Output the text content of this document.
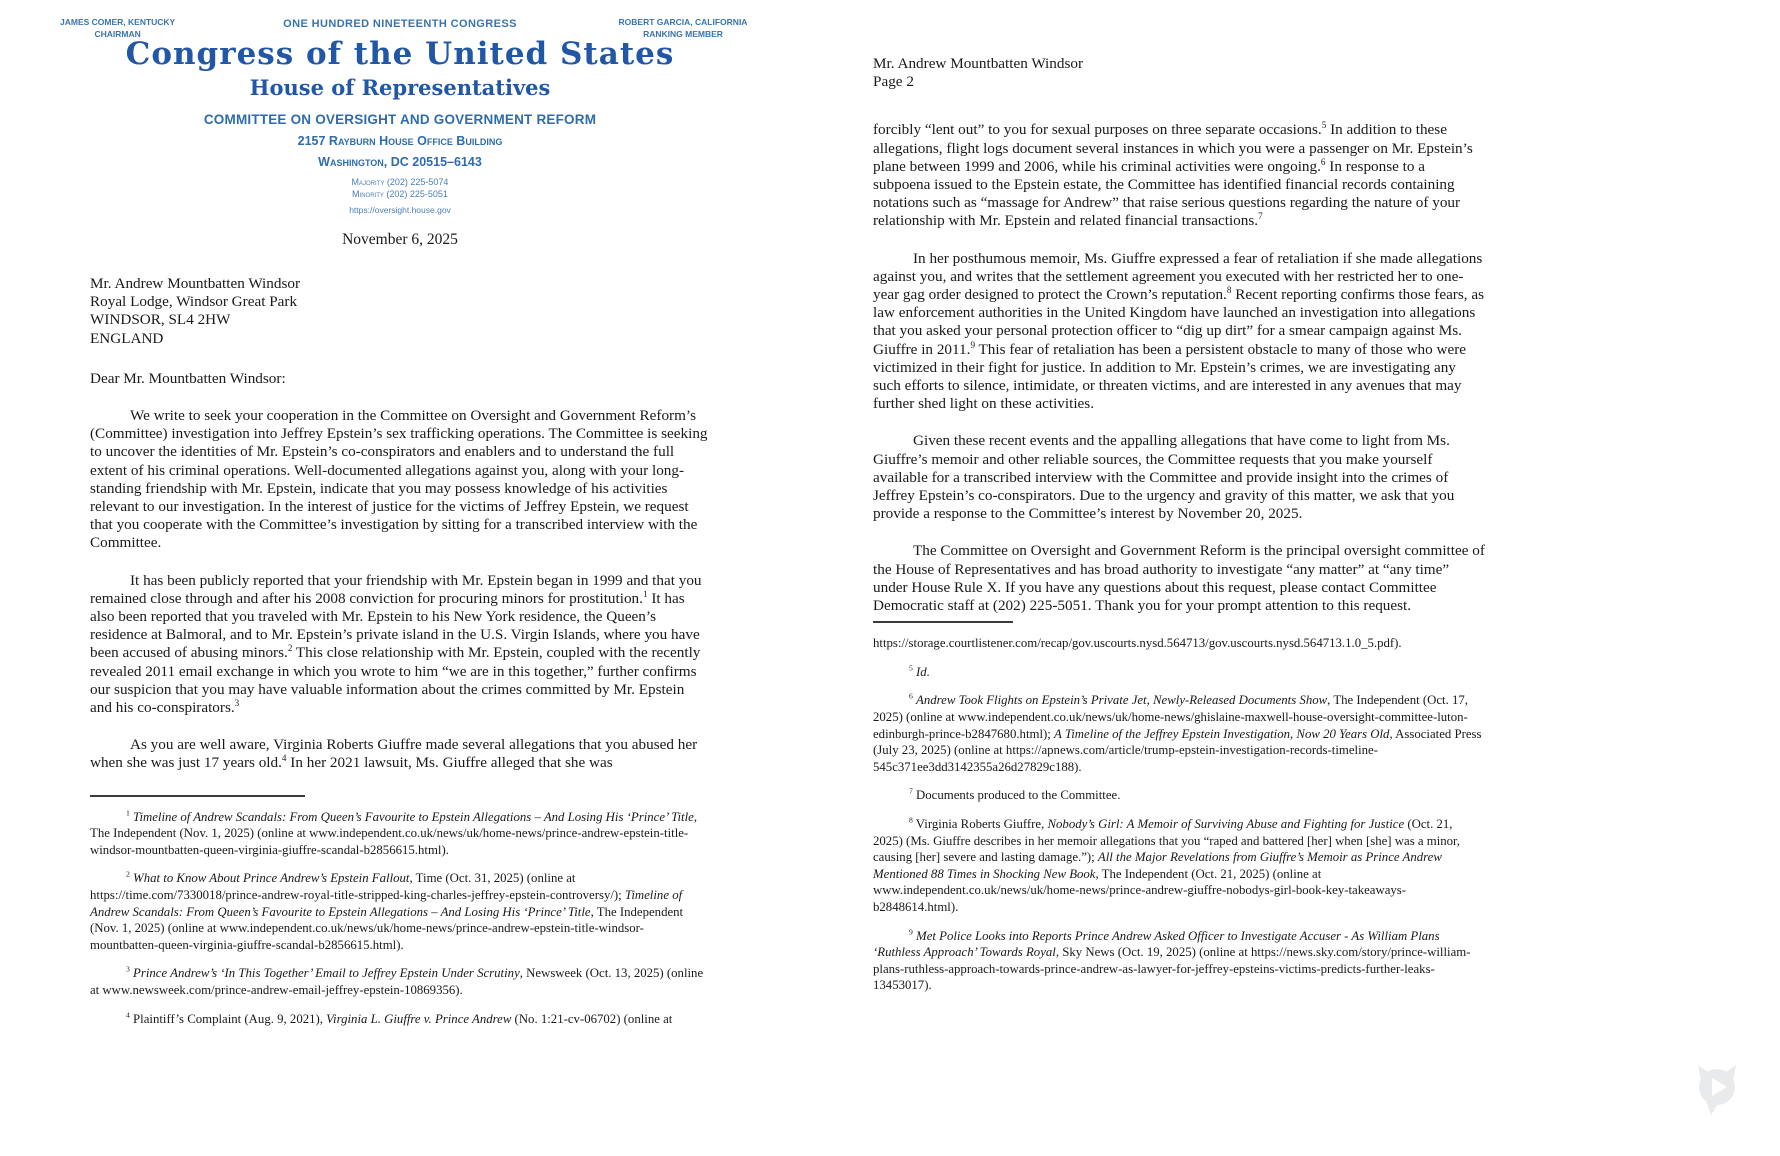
JAMES COMER, KENTUCKY
CHAIRMAN
ROBERT GARCIA, CALIFORNIA
RANKING MEMBER
ONE HUNDRED NINETEENTH CONGRESS
Congress of the United States
House of Representatives
COMMITTEE ON OVERSIGHT AND GOVERNMENT REFORM
2157 Rayburn House Office Building
Washington, DC 20515–6143
Majority (202) 225-5074
Minority (202) 225-5051
https://oversight.house.gov
November 6, 2025
Mr. Andrew Mountbatten Windsor
Royal Lodge, Windsor Great Park
WINDSOR, SL4 2HW
ENGLAND
Dear Mr. Mountbatten Windsor:
We write to seek your cooperation in the Committee on Oversight and Government Reform’s (Committee) investigation into Jeffrey Epstein’s sex trafficking operations. The Committee is seeking to uncover the identities of Mr. Epstein’s co-conspirators and enablers and to understand the full extent of his criminal operations. Well-documented allegations against you, along with your long-standing friendship with Mr. Epstein, indicate that you may possess knowledge of his activities relevant to our investigation. In the interest of justice for the victims of Jeffrey Epstein, we request that you cooperate with the Committee’s investigation by sitting for a transcribed interview with the Committee.
It has been publicly reported that your friendship with Mr. Epstein began in 1999 and that you remained close through and after his 2008 conviction for procuring minors for prostitution.$^1$ It has also been reported that you traveled with Mr. Epstein to his New York residence, the Queen’s residence at Balmoral, and to Mr. Epstein’s private island in the U.S. Virgin Islands, where you have been accused of abusing minors.$^2$ This close relationship with Mr. Epstein, coupled with the recently revealed 2011 email exchange in which you wrote to him “we are in this together,” further confirms our suspicion that you may have valuable information about the crimes committed by Mr. Epstein and his co-conspirators.$^3$
As you are well aware, Virginia Roberts Giuffre made several allegations that you abused her when she was just 17 years old.$^4$ In her 2021 lawsuit, Ms. Giuffre alleged that she was
$^1$ Timeline of Andrew Scandals: From Queen’s Favourite to Epstein Allegations – And Losing His ‘Prince’ Title, The Independent (Nov. 1, 2025) (online at www.independent.co.uk/news/uk/home-news/prince-andrew-epstein-title-windsor-mountbatten-queen-virginia-giuffre-scandal-b2856615.html).
$^2$ What to Know About Prince Andrew’s Epstein Fallout, Time (Oct. 31, 2025) (online at https://time.com/7330018/prince-andrew-royal-title-stripped-king-charles-jeffrey-epstein-controversy/); Timeline of Andrew Scandals: From Queen’s Favourite to Epstein Allegations – And Losing His ‘Prince’ Title, The Independent (Nov. 1, 2025) (online at www.independent.co.uk/news/uk/home-news/prince-andrew-epstein-title-windsor-mountbatten-queen-virginia-giuffre-scandal-b2856615.html).
$^3$ Prince Andrew’s ‘In This Together’ Email to Jeffrey Epstein Under Scrutiny, Newsweek (Oct. 13, 2025) (online at www.newsweek.com/prince-andrew-email-jeffrey-epstein-10869356).
$^4$ Plaintiff’s Complaint (Aug. 9, 2021), Virginia L. Giuffre v. Prince Andrew (No. 1:21-cv-06702) (online at
Mr. Andrew Mountbatten Windsor
Page 2
forcibly “lent out” to you for sexual purposes on three separate occasions.$^5$ In addition to these allegations, flight logs document several instances in which you were a passenger on Mr. Epstein’s plane between 1999 and 2006, while his criminal activities were ongoing.$^6$ In response to a subpoena issued to the Epstein estate, the Committee has identified financial records containing notations such as “massage for Andrew” that raise serious questions regarding the nature of your relationship with Mr. Epstein and related financial transactions.$^7$
In her posthumous memoir, Ms. Giuffre expressed a fear of retaliation if she made allegations against you, and writes that the settlement agreement you executed with her restricted her to one-year gag order designed to protect the Crown’s reputation.$^8$ Recent reporting confirms those fears, as law enforcement authorities in the United Kingdom have launched an investigation into allegations that you asked your personal protection officer to “dig up dirt” for a smear campaign against Ms. Giuffre in 2011.$^9$ This fear of retaliation has been a persistent obstacle to many of those who were victimized in their fight for justice. In addition to Mr. Epstein’s crimes, we are investigating any such efforts to silence, intimidate, or threaten victims, and are interested in any avenues that may further shed light on these activities.
Given these recent events and the appalling allegations that have come to light from Ms. Giuffre’s memoir and other reliable sources, the Committee requests that you make yourself available for a transcribed interview with the Committee and provide insight into the crimes of Jeffrey Epstein’s co-conspirators. Due to the urgency and gravity of this matter, we ask that you provide a response to the Committee’s interest by November 20, 2025.
The Committee on Oversight and Government Reform is the principal oversight committee of the House of Representatives and has broad authority to investigate “any matter” at “any time” under House Rule X. If you have any questions about this request, please contact Committee Democratic staff at (202) 225-5051. Thank you for your prompt attention to this request.
https://storage.courtlistener.com/recap/gov.uscourts.nysd.564713/gov.uscourts.nysd.564713.1.0_5.pdf).
$^5$ Id.
$^6$ Andrew Took Flights on Epstein’s Private Jet, Newly-Released Documents Show, The Independent (Oct. 17, 2025) (online at www.independent.co.uk/news/uk/home-news/ghislaine-maxwell-house-oversight-committee-luton-edinburgh-prince-b2847680.html); A Timeline of the Jeffrey Epstein Investigation, Now 20 Years Old, Associated Press (July 23, 2025) (online at https://apnews.com/article/trump-epstein-investigation-records-timeline-545c371ee3dd3142355a26d27829c188).
$^7$ Documents produced to the Committee.
$^8$ Virginia Roberts Giuffre, Nobody’s Girl: A Memoir of Surviving Abuse and Fighting for Justice (Oct. 21, 2025) (Ms. Giuffre describes in her memoir allegations that you “raped and battered [her] when [she] was a minor, causing [her] severe and lasting damage.”); All the Major Revelations from Giuffre’s Memoir as Prince Andrew Mentioned 88 Times in Shocking New Book, The Independent (Oct. 21, 2025) (online at www.independent.co.uk/news/uk/home-news/prince-andrew-giuffre-nobodys-girl-book-key-takeaways-b2848614.html).
$^9$ Met Police Looks into Reports Prince Andrew Asked Officer to Investigate Accuser - As William Plans ‘Ruthless Approach’ Towards Royal, Sky News (Oct. 19, 2025) (online at https://news.sky.com/story/prince-william-plans-ruthless-approach-towards-prince-andrew-as-lawyer-for-jeffrey-epsteins-victims-predicts-further-leaks-13453017).
